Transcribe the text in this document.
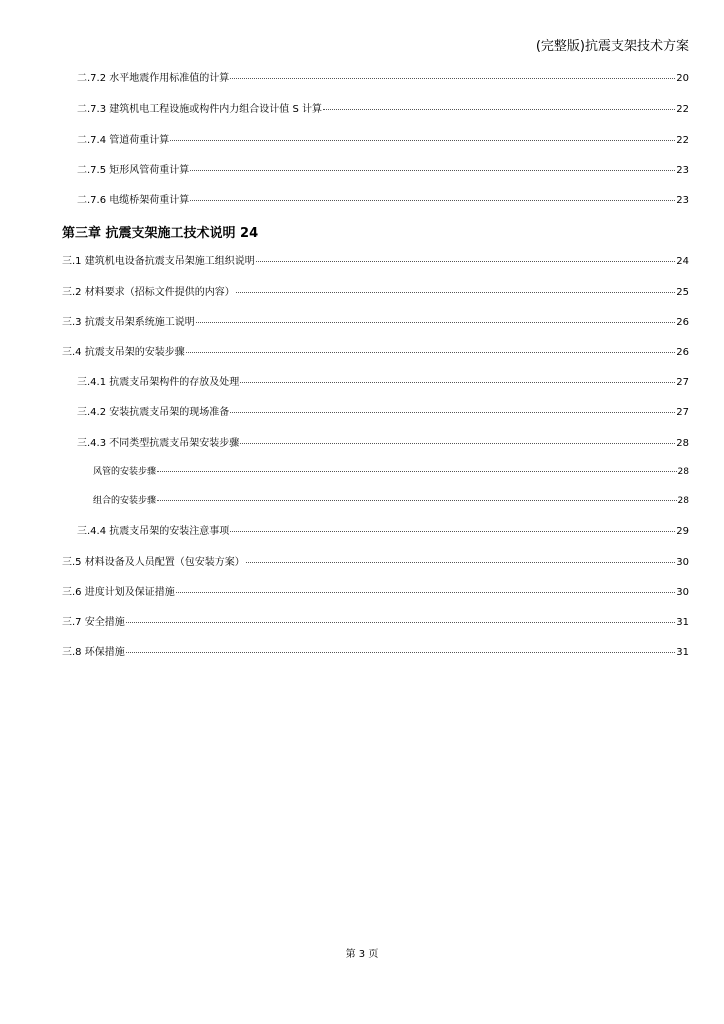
(完整版)抗震支架技术方案
二.7.2 水平地震作用标准值的计算	20
二.7.3 建筑机电工程设施或构件内力组合设计值 S 计算	22
二.7.4 管道荷重计算	22
二.7.5 矩形风管荷重计算	23
二.7.6 电缆桥架荷重计算	23
第三章 抗震支架施工技术说明 24
三.1 建筑机电设备抗震支吊架施工组织说明	24
三.2 材料要求（招标文件提供的内容）	25
三.3 抗震支吊架系统施工说明	26
三.4 抗震支吊架的安装步骤	26
三.4.1 抗震支吊架构件的存放及处理	27
三.4.2 安装抗震支吊架的现场准备	27
三.4.3 不同类型抗震支吊架安装步骤	28
风管的安装步骤	28
组合的安装步骤	28
三.4.4 抗震支吊架的安装注意事项	29
三.5 材料设备及人员配置（包安装方案）	30
三.6 进度计划及保证措施	30
三.7 安全措施	31
三.8 环保措施	31
第 3 页
